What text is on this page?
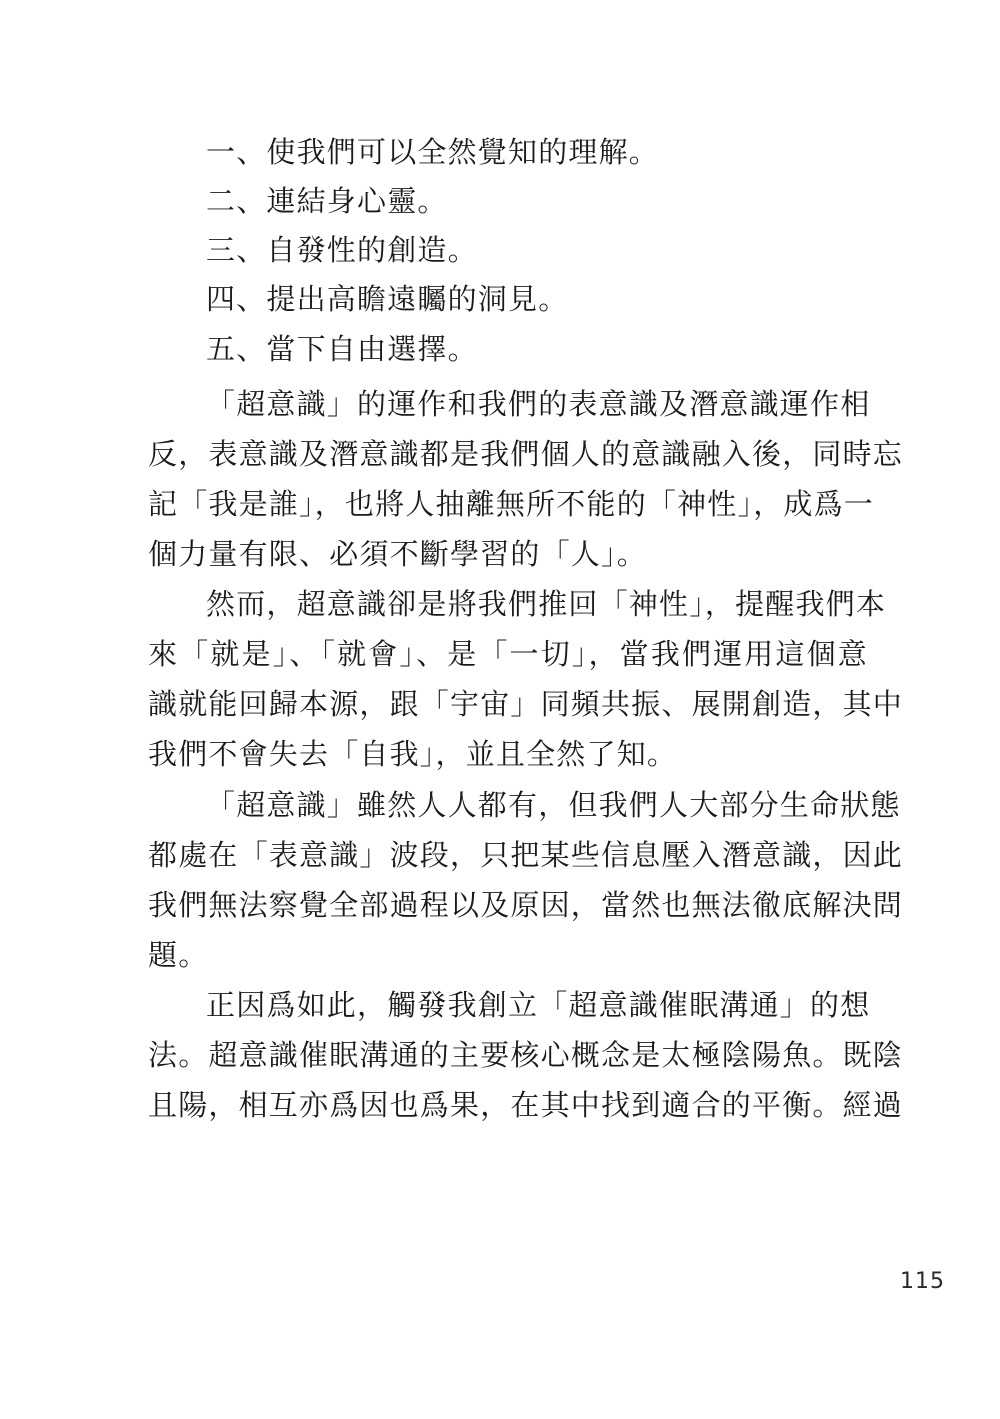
一、使我們可以全然覺知的理解。
二、連結身心靈。
三、自發性的創造。
四、提出高瞻遠矚的洞見。
五、當下自由選擇。
「超意識」的運作和我們的表意識及潛意識運作相
反，表意識及潛意識都是我們個人的意識融入後，同時忘
記「我是誰」，也將人抽離無所不能的「神性」，成爲一
個力量有限、必須不斷學習的「人」。
然而，超意識卻是將我們推回「神性」，提醒我們本
來「就是」、「就會」、是「一切」，當我們運用這個意
識就能回歸本源，跟「宇宙」同頻共振、展開創造，其中
我們不會失去「自我」，並且全然了知。
「超意識」雖然人人都有，但我們人大部分生命狀態
都處在「表意識」波段，只把某些信息壓入潛意識，因此
我們無法察覺全部過程以及原因，當然也無法徹底解決問
題。
正因爲如此，觸發我創立「超意識催眠溝通」的想
法。超意識催眠溝通的主要核心概念是太極陰陽魚。既陰
且陽，相互亦爲因也爲果，在其中找到適合的平衡。經過
115
